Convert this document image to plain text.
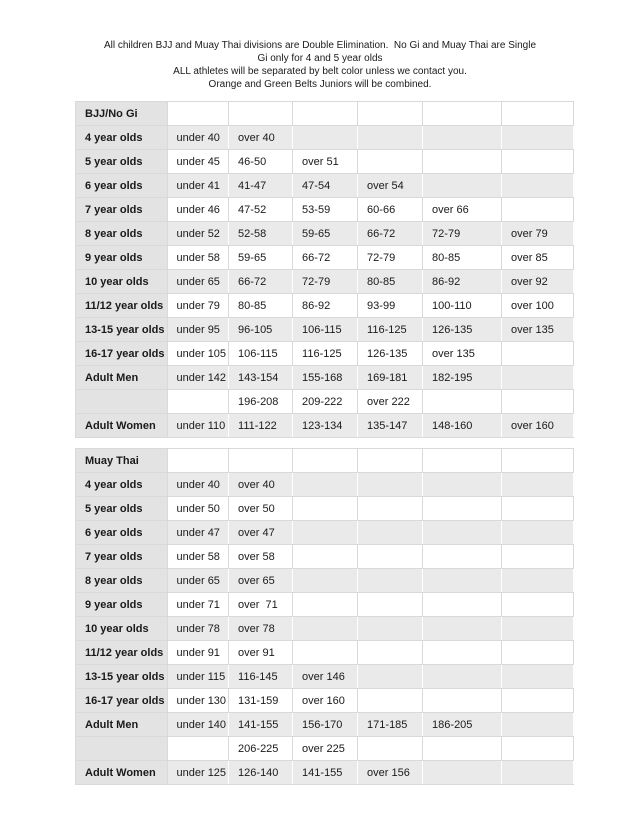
All children BJJ and Muay Thai divisions are Double Elimination.  No Gi and Muay Thai are Single
Gi only for 4 and 5 year olds
ALL athletes will be separated by belt color unless we contact you.
Orange and Green Belts Juniors will be combined.
BJJ/No Gi						
4 year olds	under 40	over 40				
5 year olds	under 45	46-50	over 51			
6 year olds	under 41	41-47	47-54	over 54		
7 year olds	under 46	47-52	53-59	60-66	over 66	
8 year olds	under 52	52-58	59-65	66-72	72-79	over 79
9 year olds	under 58	59-65	66-72	72-79	80-85	over 85
10 year olds	under 65	66-72	72-79	80-85	86-92	over 92
11/12 year olds	under 79	80-85	86-92	93-99	100-110	over 100
13-15 year olds	under 95	96-105	106-115	116-125	126-135	over 135
16-17 year olds	under 105	106-115	116-125	126-135	over 135	
Adult Men	under 142	143-154	155-168	169-181	182-195	
		196-208	209-222	over 222		
Adult Women	under 110	111-122	123-134	135-147	148-160	over 160
Muay Thai						
4 year olds	under 40	over 40				
5 year olds	under 50	over 50				
6 year olds	under 47	over 47				
7 year olds	under 58	over 58				
8 year olds	under 65	over 65				
9 year olds	under 71	over  71				
10 year olds	under 78	over 78				
11/12 year olds	under 91	over 91				
13-15 year olds	under 115	116-145	over 146			
16-17 year olds	under 130	131-159	over 160			
Adult Men	under 140	141-155	156-170	171-185	186-205	
		206-225	over 225			
Adult Women	under 125	126-140	141-155	over 156		
